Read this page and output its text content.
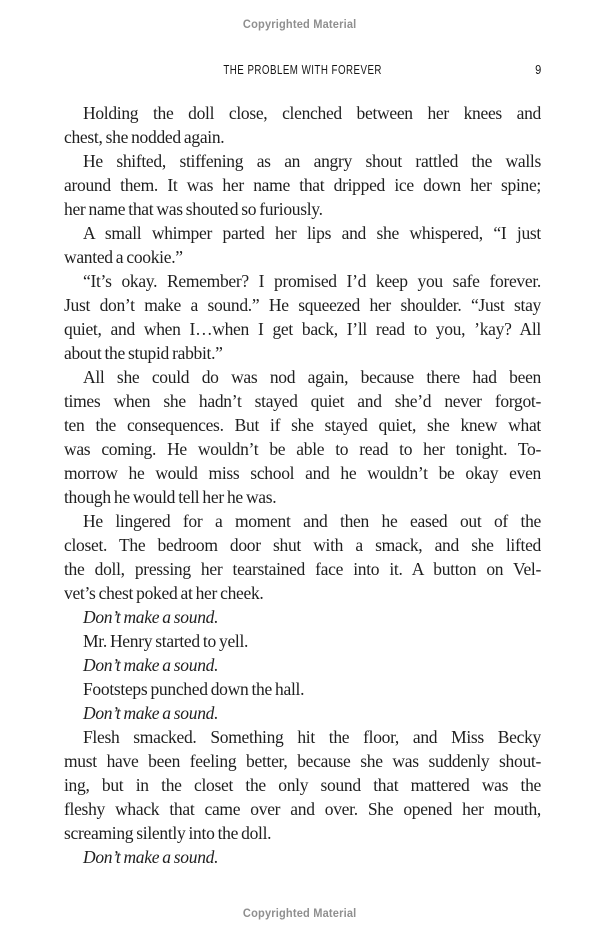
Copyrighted Material
THE PROBLEM WITH FOREVER	9
Holding the doll close, clenched between her knees and
chest, she nodded again.
He shifted, stiffening as an angry shout rattled the walls
around them. It was her name that dripped ice down her spine;
her name that was shouted so furiously.
A small whimper parted her lips and she whispered, “I just
wanted a cookie.”
“It’s okay. Remember? I promised I’d keep you safe forever.
Just don’t make a sound.” He squeezed her shoulder. “Just stay
quiet, and when I…when I get back, I’ll read to you, ’kay? All
about the stupid rabbit.”
All she could do was nod again, because there had been
times when she hadn’t stayed quiet and she’d never forgot-
ten the consequences. But if she stayed quiet, she knew what
was coming. He wouldn’t be able to read to her tonight. To-
morrow he would miss school and he wouldn’t be okay even
though he would tell her he was.
He lingered for a moment and then he eased out of the
closet. The bedroom door shut with a smack, and she lifted
the doll, pressing her tearstained face into it. A button on Vel-
vet’s chest poked at her cheek.
Don’t make a sound.
Mr. Henry started to yell.
Don’t make a sound.
Footsteps punched down the hall.
Don’t make a sound.
Flesh smacked. Something hit the floor, and Miss Becky
must have been feeling better, because she was suddenly shout-
ing, but in the closet the only sound that mattered was the
fleshy whack that came over and over. She opened her mouth,
screaming silently into the doll.
Don’t make a sound.
Copyrighted Material
